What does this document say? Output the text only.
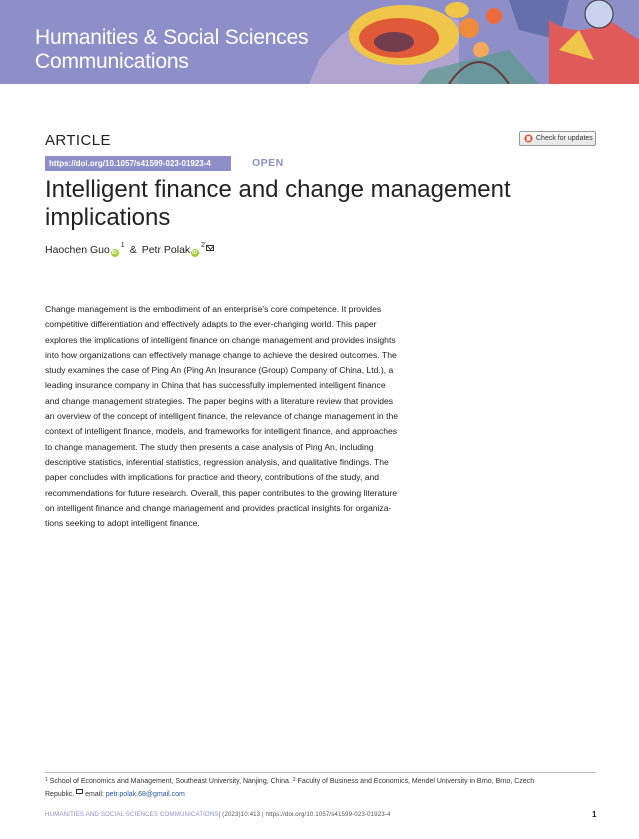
Humanities & Social Sciences
Communications
ARTICLE	Check for updates
https://doi.org/10.1057/s41599-023-01923-4	OPEN
Intelligent finance and change management
implications
Haochen Guo
iD 1 & Petr Polak
iD 2
Change management is the embodiment of an enterprise’s core competence. It provides
competitive differentiation and effectively adapts to the ever-changing world. This paper
explores the implications of intelligent finance on change management and provides insights
into how organizations can effectively manage change to achieve the desired outcomes. The
study examines the case of Ping An (Ping An Insurance (Group) Company of China, Ltd.), a
leading insurance company in China that has successfully implemented intelligent finance
and change management strategies. The paper begins with a literature review that provides
an overview of the concept of intelligent finance, the relevance of change management in the
context of intelligent finance, models, and frameworks for intelligent finance, and approaches
to change management. The study then presents a case analysis of Ping An, including
descriptive statistics, inferential statistics, regression analysis, and qualitative findings. The
paper concludes with implications for practice and theory, contributions of the study, and
recommendations for future research. Overall, this paper contributes to the growing literature
on intelligent finance and change management and provides practical insights for organiza-
tions seeking to adopt intelligent finance.
$^1$ School of Economics and Management, Southeast University, Nanjing, China. $^2$ Faculty of Business and Economics, Mendel University in Brno, Brno, Czech
Republic. email: petr.polak.68@gmail.com
HUMANITIES AND SOCIAL SCIENCES COMMUNICATIONS| (2023)10:413 | https://doi.org/10.1057/s41599-023-01923-4	1
